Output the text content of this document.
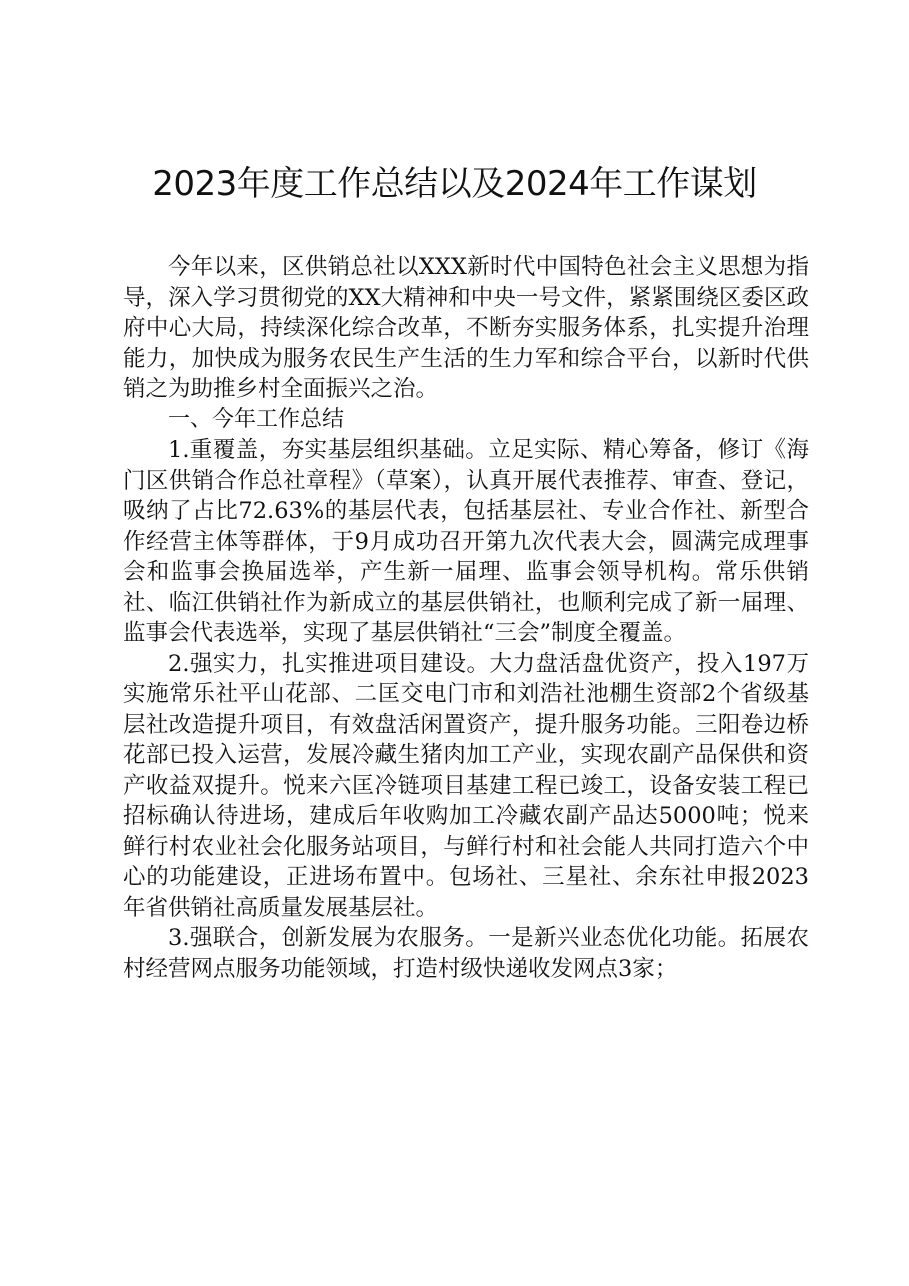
2023年度工作总结以及2024年工作谋划

今年以来，区供销总社以XXX新时代中国特色社会主义思想为指导，深入学习贯彻党的XX大精神和中央一号文件，紧紧围绕区委区政府中心大局，持续深化综合改革，不断夯实服务体系，扎实提升治理能力，加快成为服务农民生产生活的生力军和综合平台，以新时代供销之为助推乡村全面振兴之治。

一、今年工作总结

1.重覆盖，夯实基层组织基础。立足实际、精心筹备，修订《海门区供销合作总社章程》（草案），认真开展代表推荐、审查、登记，吸纳了占比72.63%的基层代表，包括基层社、专业合作社、新型合作经营主体等群体，于9月成功召开第九次代表大会，圆满完成理事会和监事会换届选举，产生新一届理、监事会领导机构。常乐供销社、临江供销社作为新成立的基层供销社，也顺利完成了新一届理、监事会代表选举，实现了基层供销社“三会”制度全覆盖。

2.强实力，扎实推进项目建设。大力盘活盘优资产，投入197万实施常乐社平山花部、二匡交电门市和刘浩社池棚生资部2个省级基层社改造提升项目，有效盘活闲置资产，提升服务功能。三阳卷边桥花部已投入运营，发展冷藏生猪肉加工产业，实现农副产品保供和资产收益双提升。悦来六匡冷链项目基建工程已竣工，设备安装工程已招标确认待进场，建成后年收购加工冷藏农副产品达5000吨；悦来鲜行村农业社会化服务站项目，与鲜行村和社会能人共同打造六个中心的功能建设，正进场布置中。包场社、三星社、余东社申报2023年省供销社高质量发展基层社。

3.强联合，创新发展为农服务。一是新兴业态优化功能。拓展农村经营网点服务功能领域，打造村级快递收发网点3家；
